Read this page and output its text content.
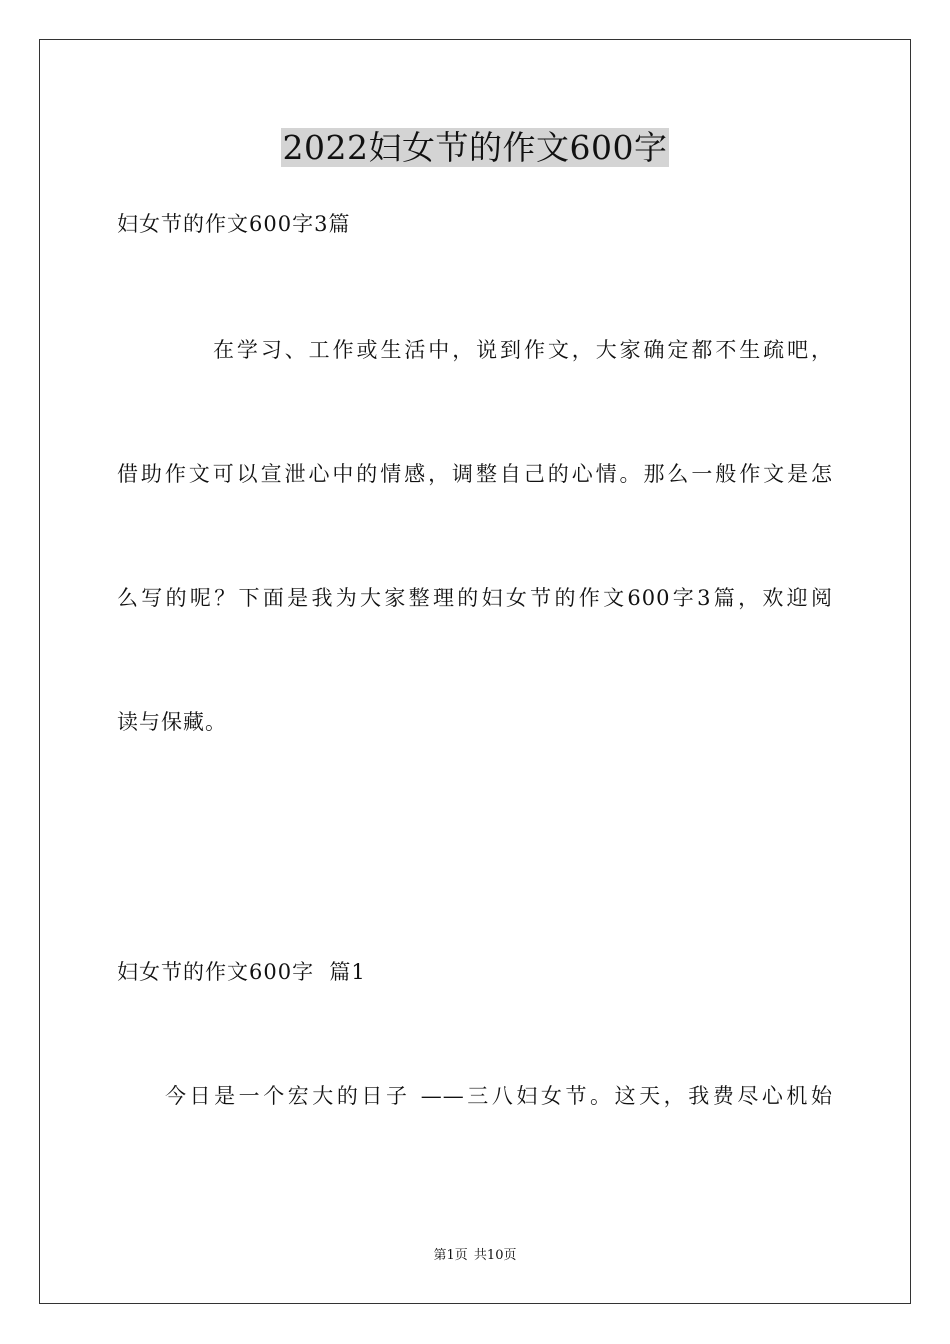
2022妇女节的作文600字

妇女节的作文600字3篇

在学习、工作或生活中，说到作文，大家确定都不生疏吧，

借助作文可以宣泄心中的情感，调整自己的心情。那么一般作文是怎

么写的呢？下面是我为大家整理的妇女节的作文600字3篇，欢迎阅

读与保藏。

妇女节的作文600字  篇1

今日是一个宏大的日子 ——三八妇女节。这天，我费尽心机始

第1页 共10页
